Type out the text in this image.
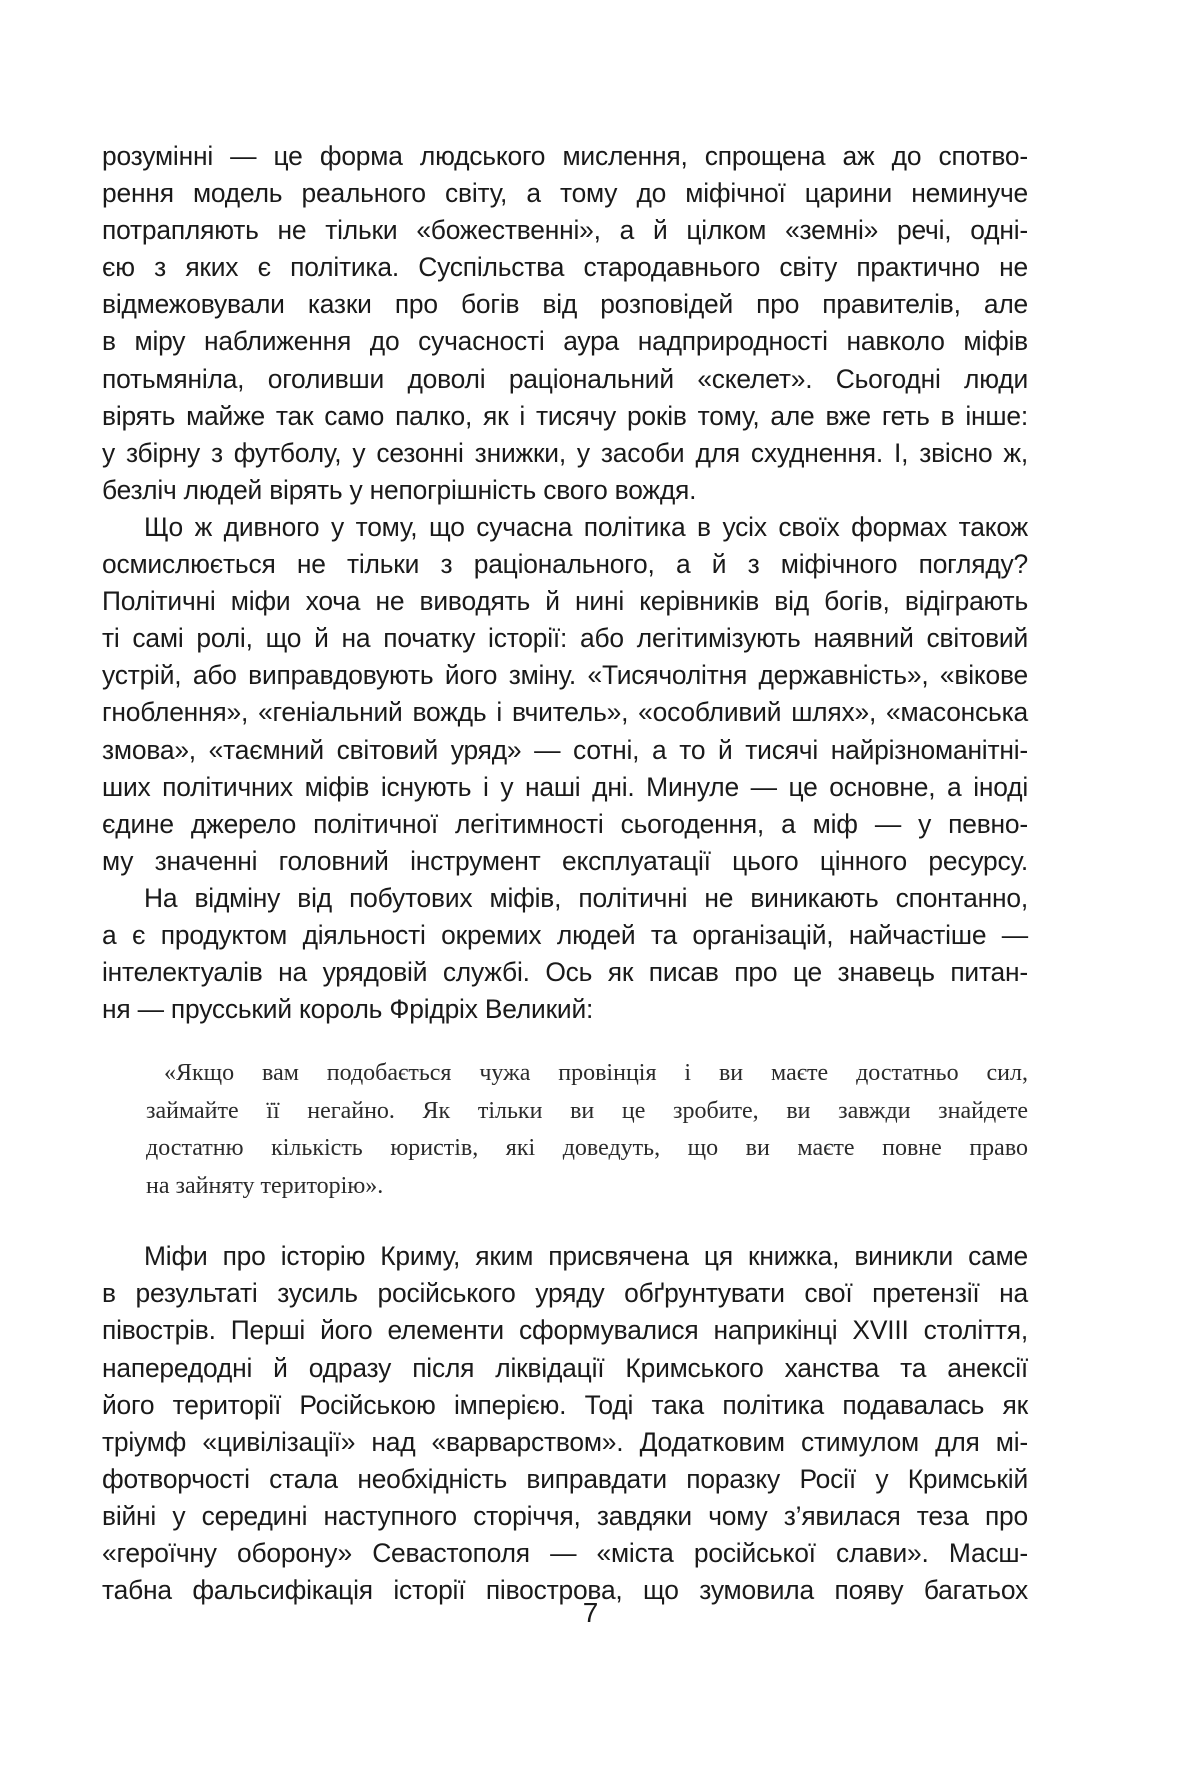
розумінні — це форма людського мислення, спрощена аж до спотво-
рення модель реального світу, а тому до міфічної царини неминуче
потрапляють не тільки «божественні», а й цілком «земні» речі, одні-
єю з яких є політика. Суспільства стародавнього світу практично не
відмежовували казки про богів від розповідей про правителів, але
в міру наближення до сучасності аура надприродності навколо міфів
потьмяніла, оголивши доволі раціональний «скелет». Сьогодні люди
вірять майже так само палко, як і тисячу років тому, але вже геть в інше:
у збірну з футболу, у сезонні знижки, у засоби для схуднення. І, звісно ж,
безліч людей вірять у непогрішність свого вождя.

Що ж дивного у тому, що сучасна політика в усіх своїх формах також
осмислюється не тільки з раціонального, а й з міфічного погляду?
Політичні міфи хоча не виводять й нині керівників від богів, відіграють
ті самі ролі, що й на початку історії: або легітимізують наявний світовий
устрій, або виправдовують його зміну. «Тисячолітня державність», «вікове
гноблення», «геніальний вождь і вчитель», «особливий шлях», «масонська
змова», «таємний світовий уряд» — сотні, а то й тисячі найрізноманітні-
ших політичних міфів існують і у наші дні. Минуле — це основне, а іноді
єдине джерело політичної легітимності сьогодення, а міф — у певно-
му значенні головний інструмент експлуатації цього цінного ресурсу.

На відміну від побутових міфів, політичні не виникають спонтанно,
а є продуктом діяльності окремих людей та організацій, найчастіше —
інтелектуалів на урядовій службі. Ось як писав про це знавець питан-
ня — прусський король Фрідріх Великий:

«Якщо вам подобається чужа провінція і ви маєте достатньо сил,
займайте її негайно. Як тільки ви це зробите, ви завжди знайдете
достатню кількість юристів, які доведуть, що ви маєте повне право
на зайняту територію».

Міфи про історію Криму, яким присвячена ця книжка, виникли саме
в результаті зусиль російського уряду обґрунтувати свої претензії на
півострів. Перші його елементи сформувалися наприкінці XVIII століття,
напередодні й одразу після ліквідації Кримського ханства та анексії
його території Російською імперією. Тоді така політика подавалась як
тріумф «цивілізації» над «варварством». Додатковим стимулом для мі-
фотворчості стала необхідність виправдати поразку Росії у Кримській
війні у середині наступного сторіччя, завдяки чому з’явилася теза про
«героїчну оборону» Севастополя — «міста російської слави». Масш-
табна фальсифікація історії півострова, що зумовила появу багатьох

7
